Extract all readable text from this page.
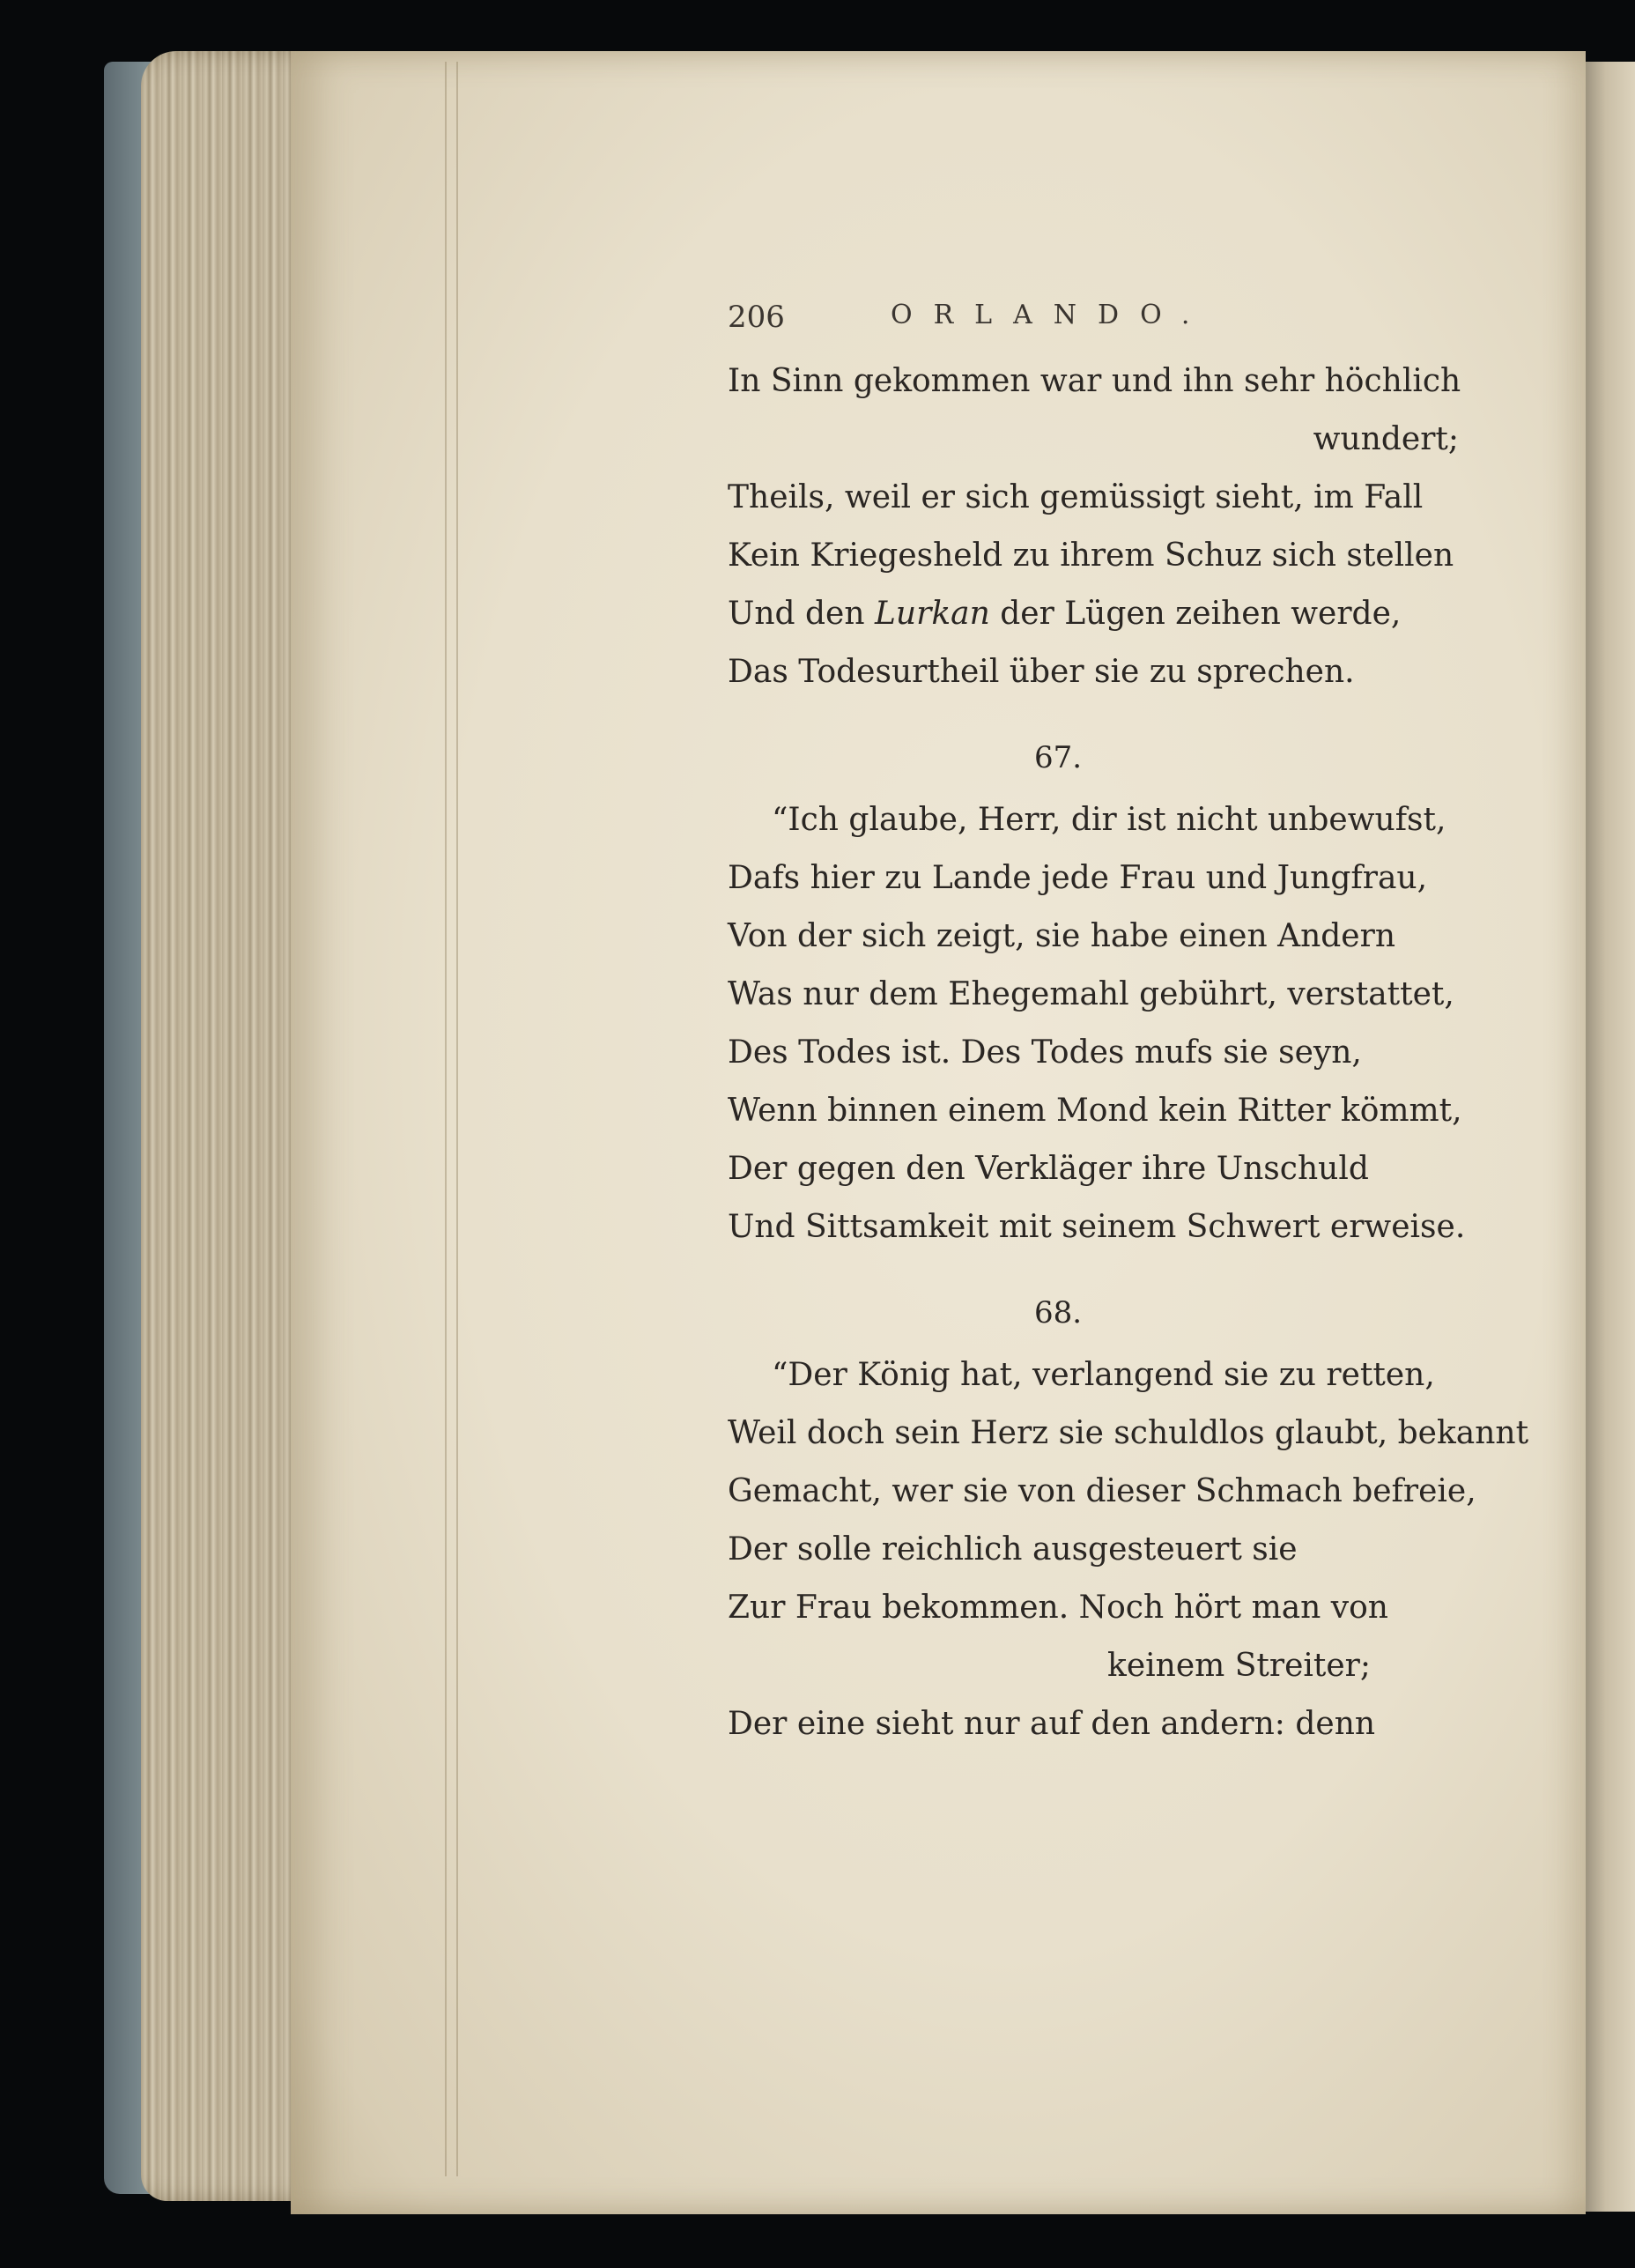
206	ORLANDO.
In Sinn gekommen war und ihn sehr höchlich
wundert;
Theils, weil er sich gemüssigt sieht, im Fall
Kein Kriegesheld zu ihrem Schuz sich stellen
Und den Lurkan der Lügen zeihen werde,
Das Todesurtheil über sie zu sprechen.
67.
“Ich glaube, Herr, dir ist nicht unbewufst,
Dafs hier zu Lande jede Frau und Jungfrau,
Von der sich zeigt, sie habe einen Andern
Was nur dem Ehegemahl gebührt, verstattet,
Des Todes ist. Des Todes mufs sie seyn,
Wenn binnen einem Mond kein Ritter kömmt,
Der gegen den Verkläger ihre Unschuld
Und Sittsamkeit mit seinem Schwert erweise.
68.
“Der König hat, verlangend sie zu retten,
Weil doch sein Herz sie schuldlos glaubt, bekannt
Gemacht, wer sie von dieser Schmach befreie,
Der solle reichlich ausgesteuert sie
Zur Frau bekommen. Noch hört man von
keinem Streiter;
Der eine sieht nur auf den andern: denn
